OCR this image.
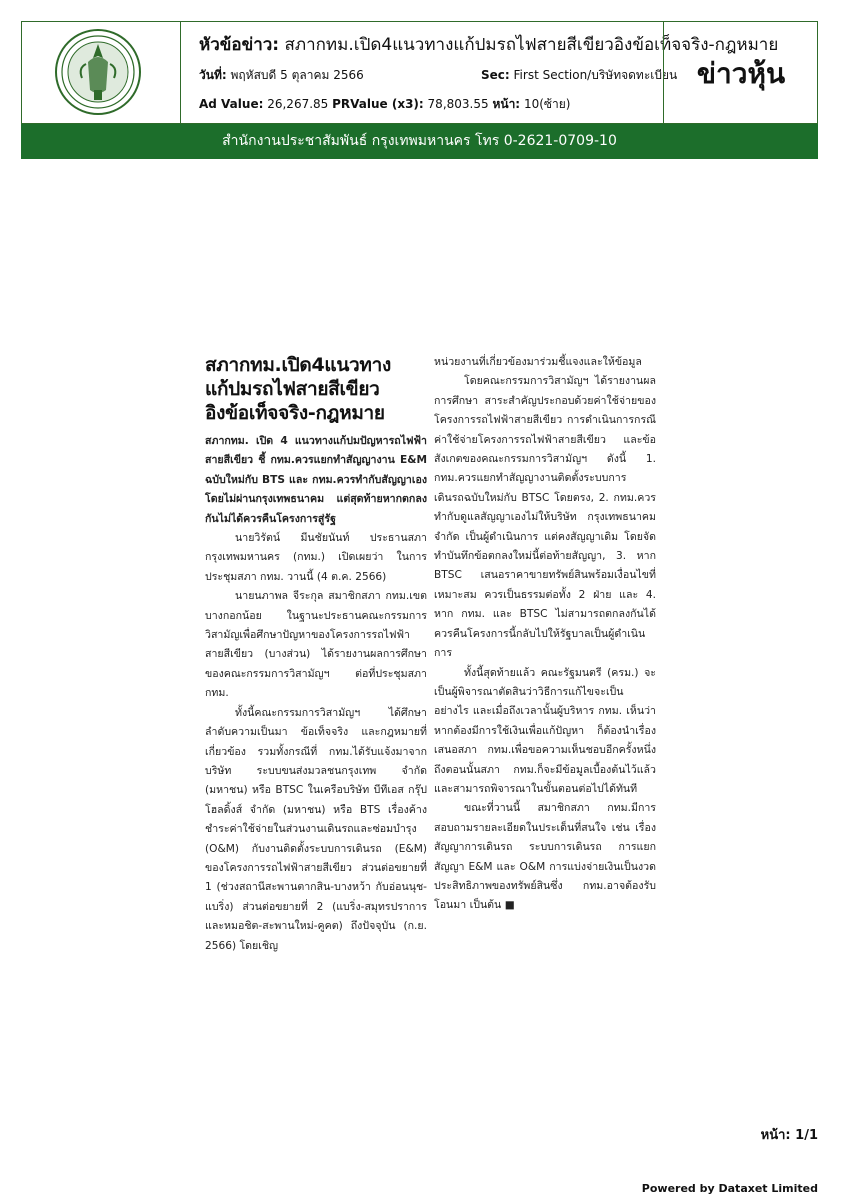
หัวข้อข่าว: สภากทม.เปิด4แนวทางแก้ปมรถไฟสายสีเขียวอิงข้อเท็จจริง-กฎหมาย
วันที่: พฤหัสบดี 5 ตุลาคม 2566	Sec: First Section/บริษัทจดทะเบียน
Ad Value: 26,267.85 PRValue (x3): 78,803.55 หน้า: 10(ซ้าย)
ข่าวหุ้น
สำนักงานประชาสัมพันธ์ กรุงเทพมหานคร โทร 0-2621-0709-10
สภากทม.เปิด4แนวทาง
แก้ปมรถไฟสายสีเขียว
อิงข้อเท็จจริง-กฎหมาย

สภากทม. เปิด 4 แนวทางแก้ปมปัญหารถไฟฟ้าสายสีเขียว ชี้ กทม.ควรแยกทำสัญญางาน E&M ฉบับใหม่กับ BTS และ กทม.ควรทำกับสัญญาเองโดยไม่ผ่านกรุงเทพธนาคม แต่สุดท้ายหากตกลงกันไม่ได้ควรคืนโครงการสู่รัฐ

นายวิรัตน์ มีนชัยนันท์ ประธานสภากรุงเทพมหานคร (กทม.) เปิดเผยว่า ในการประชุมสภา กทม. วานนี้ (4 ต.ค. 2566)

นายนภาพล จีระกุล สมาชิกสภา กทม.เขตบางกอกน้อย ในฐานะประธานคณะกรรมการวิสามัญเพื่อศึกษาปัญหาของโครงการรถไฟฟ้าสายสีเขียว (บางส่วน) ได้รายงานผลการศึกษาของคณะกรรมการวิสามัญฯ ต่อที่ประชุมสภา กทม.

ทั้งนี้คณะกรรมการวิสามัญฯ ได้ศึกษาลำดับความเป็นมา ข้อเท็จจริง และกฎหมายที่เกี่ยวข้อง รวมทั้งกรณีที่ กทม.ได้รับแจ้งมาจากบริษัท ระบบขนส่งมวลชนกรุงเทพ จำกัด (มหาชน) หรือ BTSC ในเครือบริษัท บีทีเอส กรุ๊ป โฮลดิ้งส์ จำกัด (มหาชน) หรือ BTS เรื่องค้างชำระค่าใช้จ่ายในส่วนงานเดินรถและซ่อมบำรุง (O&M) กับงานติดตั้งระบบการเดินรถ (E&M) ของโครงการรถไฟฟ้าสายสีเขียว ส่วนต่อขยายที่ 1 (ช่วงสถานีสะพานตากสิน-บางหว้า กับอ่อนนุช-แบริ่ง) ส่วนต่อขยายที่ 2 (แบริ่ง-สมุทรปราการ และหมอชิต-สะพานใหม่-คูคต) ถึงปัจจุบัน (ก.ย. 2566) โดยเชิญ

หน่วยงานที่เกี่ยวข้องมาร่วมชี้แจงและให้ข้อมูล

โดยคณะกรรมการวิสามัญฯ ได้รายงานผลการศึกษา สาระสำคัญประกอบด้วยค่าใช้จ่ายของโครงการรถไฟฟ้าสายสีเขียว การดำเนินการกรณีค่าใช้จ่ายโครงการรถไฟฟ้าสายสีเขียว และข้อสังเกตของคณะกรรมการวิสามัญฯ ดังนี้ 1. กทม.ควรแยกทำสัญญางานติดตั้งระบบการเดินรถฉบับใหม่กับ BTSC โดยตรง, 2. กทม.ควรทำกับดูแลสัญญาเองไม่ให้บริษัท กรุงเทพธนาคม จำกัด เป็นผู้ดำเนินการ แต่คงสัญญาเดิม โดยจัดทำบันทึกข้อตกลงใหม่นี้ต่อท้ายสัญญา, 3. หาก BTSC เสนอราคาขายทรัพย์สินพร้อมเงื่อนไขที่เหมาะสม ควรเป็นธรรมต่อทั้ง 2 ฝ่าย และ 4. หาก กทม. และ BTSC ไม่สามารถตกลงกันได้ ควรคืนโครงการนี้กลับไปให้รัฐบาลเป็นผู้ดำเนินการ

ทั้งนี้สุดท้ายแล้ว คณะรัฐมนตรี (ครม.) จะเป็นผู้พิจารณาตัดสินว่าวิธีการแก้ไขจะเป็นอย่างไร และเมื่อถึงเวลานั้นผู้บริหาร กทม. เห็นว่าหากต้องมีการใช้เงินเพื่อแก้ปัญหา ก็ต้องนำเรื่องเสนอสภา กทม.เพื่อขอความเห็นชอบอีกครั้งหนึ่ง ถึงตอนนั้นสภา กทม.ก็จะมีข้อมูลเบื้องต้นไว้แล้ว และสามารถพิจารณาในขั้นตอนต่อไปได้ทันที

ขณะที่วานนี้ สมาชิกสภา กทม.มีการสอบถามรายละเอียดในประเด็นที่สนใจ เช่น เรื่องสัญญาการเดินรถ ระบบการเดินรถ การแยกสัญญา E&M และ O&M การแบ่งจ่ายเงินเป็นงวด ประสิทธิภาพของทรัพย์สินซึ่ง กทม.อาจต้องรับโอนมา เป็นต้น ■

หน้า: 1/1
Powered by Dataxet Limited
